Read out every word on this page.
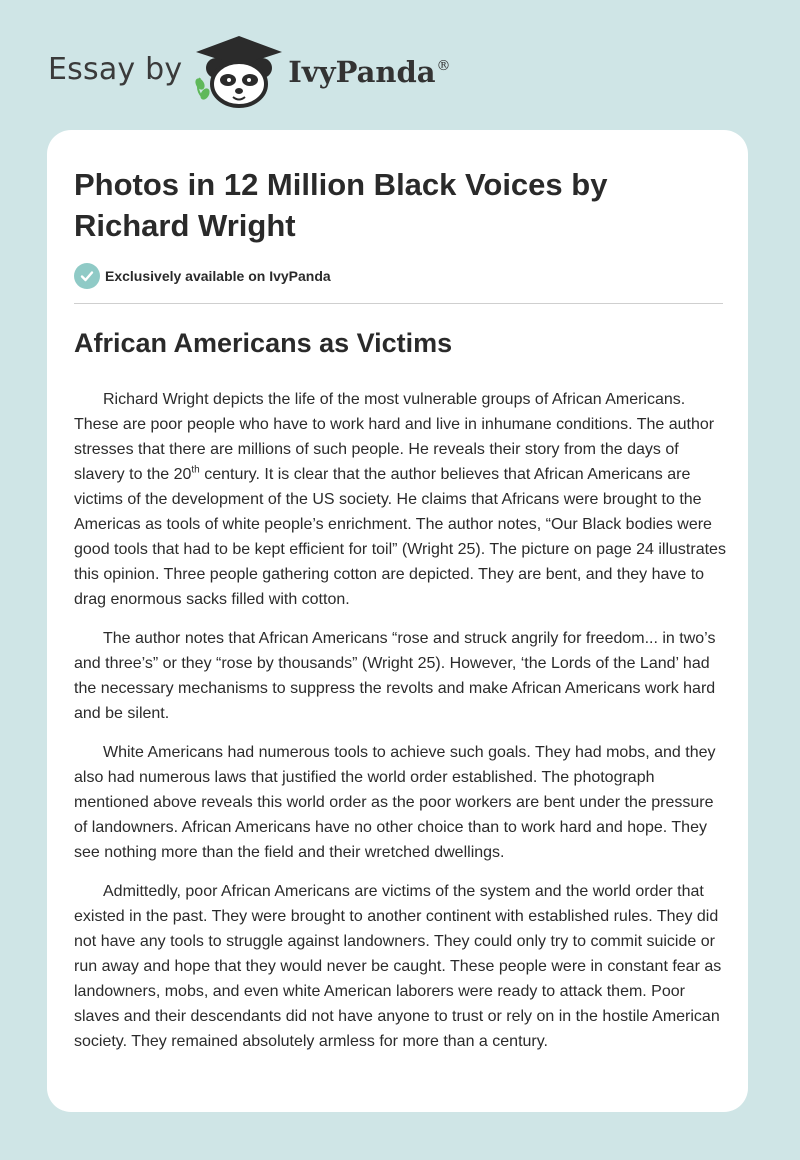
Essay by	IvyPanda®
Photos in 12 Million Black Voices by Richard Wright
Exclusively available on IvyPanda
African Americans as Victims

Richard Wright depicts the life of the most vulnerable groups of African Americans. These are poor people who have to work hard and live in inhumane conditions. The author stresses that there are millions of such people. He reveals their story from the days of slavery to the 20th century. It is clear that the author believes that African Americans are victims of the development of the US society. He claims that Africans were brought to the Americas as tools of white people’s enrichment. The author notes, “Our Black bodies were good tools that had to be kept efficient for toil” (Wright 25). The picture on page 24 illustrates this opinion. Three people gathering cotton are depicted. They are bent, and they have to drag enormous sacks filled with cotton.

The author notes that African Americans “rose and struck angrily for freedom... in two’s and three’s” or they “rose by thousands” (Wright 25). However, ‘the Lords of the Land’ had the necessary mechanisms to suppress the revolts and make African Americans work hard and be silent.

White Americans had numerous tools to achieve such goals. They had mobs, and they also had numerous laws that justified the world order established. The photograph mentioned above reveals this world order as the poor workers are bent under the pressure of landowners. African Americans have no other choice than to work hard and hope. They see nothing more than the field and their wretched dwellings.

Admittedly, poor African Americans are victims of the system and the world order that existed in the past. They were brought to another continent with established rules. They did not have any tools to struggle against landowners. They could only try to commit suicide or run away and hope that they would never be caught. These people were in constant fear as landowners, mobs, and even white American laborers were ready to attack them. Poor slaves and their descendants did not have anyone to trust or rely on in the hostile American society. They remained absolutely armless for more than a century.
